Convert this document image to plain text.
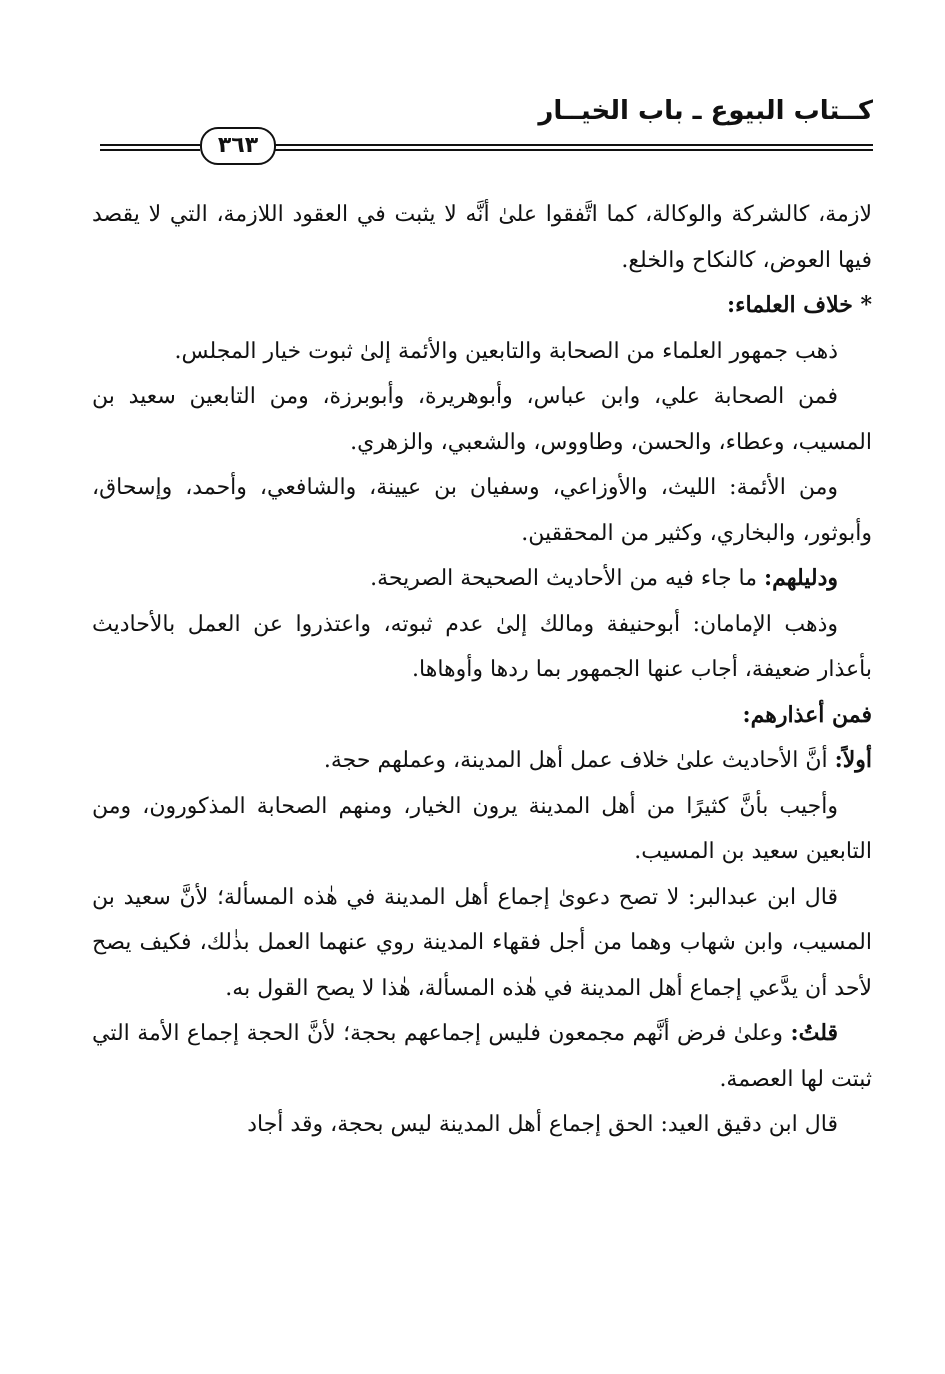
كــتاب البيوع ـ باب الخيــار
٣٦٣

لازمة، كالشركة والوكالة، كما اتَّفقوا علىٰ أنَّه لا يثبت في العقود اللازمة، التي لا يقصد فيها العوض، كالنكاح والخلع.

* خلاف العلماء:

ذهب جمهور العلماء من الصحابة والتابعين والأئمة إلىٰ ثبوت خيار المجلس.

فمن الصحابة علي، وابن عباس، وأبوهريرة، وأبوبرزة، ومن التابعين سعيد بن المسيب، وعطاء، والحسن، وطاووس، والشعبي، والزهري.

ومن الأئمة: الليث، والأوزاعي، وسفيان بن عيينة، والشافعي، وأحمد، وإسحاق، وأبوثور، والبخاري، وكثير من المحققين.

ودليلهم: ما جاء فيه من الأحاديث الصحيحة الصريحة.

وذهب الإمامان: أبوحنيفة ومالك إلىٰ عدم ثبوته، واعتذروا عن العمل بالأحاديث بأعذار ضعيفة، أجاب عنها الجمهور بما ردها وأوهاها.

فمن أعذارهم:

أولاً: أنَّ الأحاديث علىٰ خلاف عمل أهل المدينة، وعملهم حجة.

وأجيب بأنَّ كثيرًا من أهل المدينة يرون الخيار، ومنهم الصحابة المذكورون، ومن التابعين سعيد بن المسيب.

قال ابن عبدالبر: لا تصح دعوىٰ إجماع أهل المدينة في هٰذه المسألة؛ لأنَّ سعيد بن المسيب، وابن شهاب وهما من أجل فقهاء المدينة روي عنهما العمل بذٰلك، فكيف يصح لأحد أن يدَّعي إجماع أهل المدينة في هٰذه المسألة، هٰذا لا يصح القول به.

قلتُ: وعلىٰ فرض أنَّهم مجمعون فليس إجماعهم بحجة؛ لأنَّ الحجة إجماع الأمة التي ثبتت لها العصمة.

قال ابن دقيق العيد: الحق إجماع أهل المدينة ليس بحجة، وقد أجاد
